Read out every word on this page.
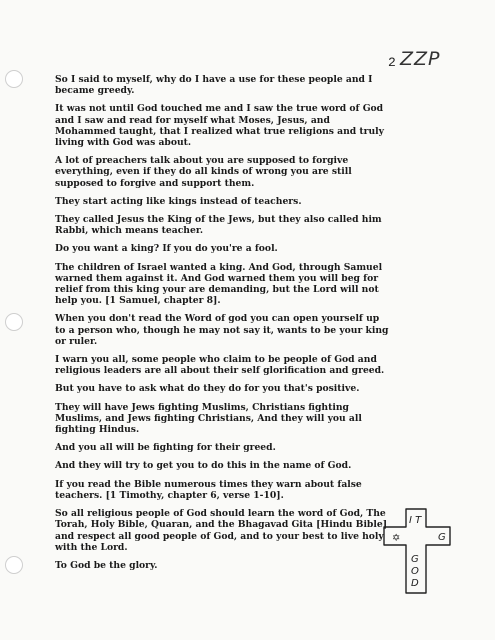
2 ZZP

So I said to myself, why do I have a use for these people and I became greedy.

It was not until God touched me and I saw the true word of God and I saw and read for myself what Moses, Jesus, and Mohammed taught, that I realized what true religions and truly living with God was about.

A lot of preachers talk about you are supposed to forgive everything, even if they do all kinds of wrong you are still supposed to forgive and support them.

They start acting like kings instead of teachers.

They called Jesus the King of the Jews, but they also called him Rabbi, which means teacher.

Do you want a king? If you do you're a fool.

The children of Israel wanted a king. And God, through Samuel warned them against it. And God warned them you will beg for relief from this king your are demanding, but the Lord will not help you. [1 Samuel, chapter 8].

When you don't read the Word of god you can open yourself up to a person who, though he may not say it, wants to be your king or ruler.

I warn you all, some people who claim to be people of God and religious leaders are all about their self glorification and greed.

But you have to ask what do they do for you that's positive.

They will have Jews fighting Muslims, Christians fighting Muslims, and Jews fighting Christians, And they will you all fighting Hindus.

And you all will be fighting for their greed.

And they will try to get you to do this in the name of God.

If you read the Bible numerous times they warn about false teachers. [1 Timothy, chapter 6, verse 1-10].

So all religious people of God should learn the word of God, The Torah, Holy Bible, Quaran, and the Bhagavad Gita [Hindu Bible] and respect all good people of God, and to your best to live holy with the Lord.

To God be the glory.

✡
I T
G
G O D
